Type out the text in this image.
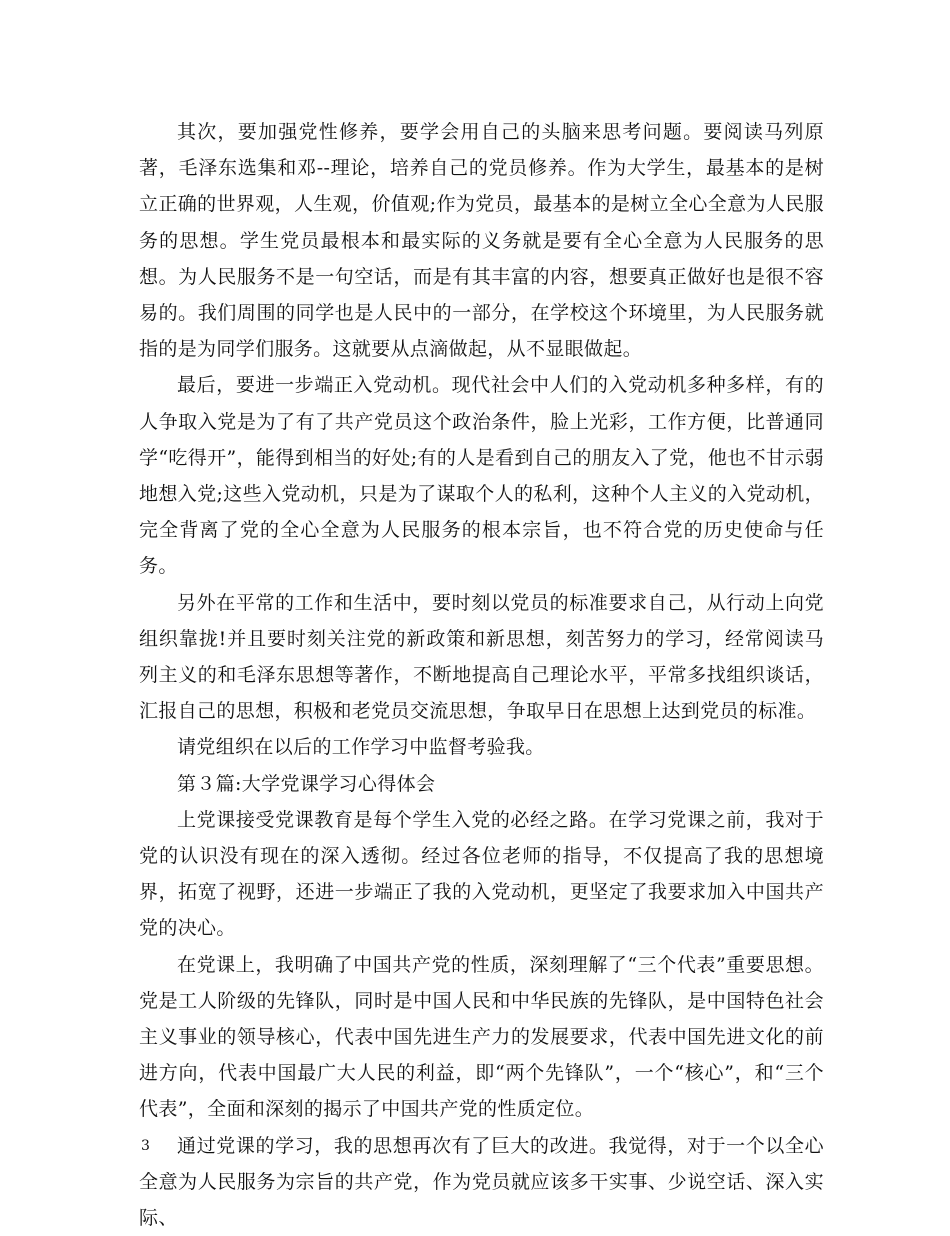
其次，要加强党性修养，要学会用自己的头脑来思考问题。要阅读马列原著，毛泽东选集和邓--理论，培养自己的党员修养。作为大学生，最基本的是树立正确的世界观，人生观，价值观;作为党员，最基本的是树立全心全意为人民服务的思想。学生党员最根本和最实际的义务就是要有全心全意为人民服务的思想。为人民服务不是一句空话，而是有其丰富的内容，想要真正做好也是很不容易的。我们周围的同学也是人民中的一部分，在学校这个环境里，为人民服务就指的是为同学们服务。这就要从点滴做起，从不显眼做起。

最后，要进一步端正入党动机。现代社会中人们的入党动机多种多样，有的人争取入党是为了有了共产党员这个政治条件，脸上光彩，工作方便，比普通同学“吃得开”，能得到相当的好处;有的人是看到自己的朋友入了党，他也不甘示弱地想入党;这些入党动机，只是为了谋取个人的私利，这种个人主义的入党动机，完全背离了党的全心全意为人民服务的根本宗旨，也不符合党的历史使命与任务。

另外在平常的工作和生活中，要时刻以党员的标准要求自己，从行动上向党组织靠拢!并且要时刻关注党的新政策和新思想，刻苦努力的学习，经常阅读马列主义的和毛泽东思想等著作，不断地提高自己理论水平，平常多找组织谈话，汇报自己的思想，积极和老党员交流思想，争取早日在思想上达到党员的标准。

请党组织在以后的工作学习中监督考验我。

第３篇:大学党课学习心得体会

上党课接受党课教育是每个学生入党的必经之路。在学习党课之前，我对于党的认识没有现在的深入透彻。经过各位老师的指导，不仅提高了我的思想境界，拓宽了视野，还进一步端正了我的入党动机，更坚定了我要求加入中国共产党的决心。

在党课上，我明确了中国共产党的性质，深刻理解了“三个代表”重要思想。党是工人阶级的先锋队，同时是中国人民和中华民族的先锋队，是中国特色社会主义事业的领导核心，代表中国先进生产力的发展要求，代表中国先进文化的前进方向，代表中国最广大人民的利益，即“两个先锋队”，一个“核心”，和“三个代表”，全面和深刻的揭示了中国共产党的性质定位。

通过党课的学习，我的思想再次有了巨大的改进。我觉得，对于一个以全心全意为人民服务为宗旨的共产党，作为党员就应该多干实事、少说空话、深入实际、

3
